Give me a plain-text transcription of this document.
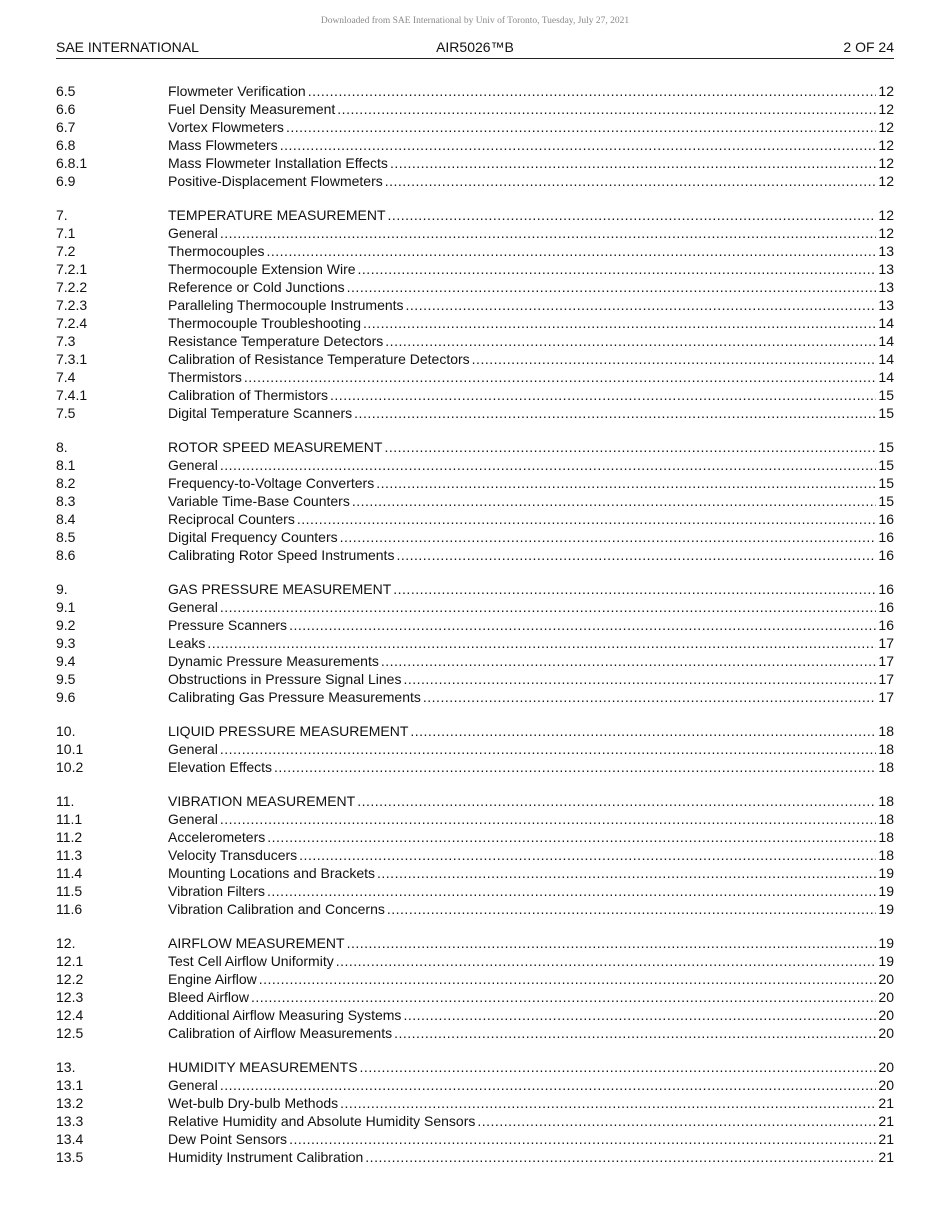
Downloaded from SAE International by Univ of Toronto, Tuesday, July 27, 2021
SAE INTERNATIONAL	AIR5026™B	2 OF 24
6.5	Flowmeter Verification .....	12
6.6	Fuel Density Measurement .....	12
6.7	Vortex Flowmeters .....	12
6.8	Mass Flowmeters .....	12
6.8.1	Mass Flowmeter Installation Effects .....	12
6.9	Positive-Displacement Flowmeters .....	12
7.	TEMPERATURE MEASUREMENT .....	12
7.1	General .....	12
7.2	Thermocouples .....	13
7.2.1	Thermocouple Extension Wire .....	13
7.2.2	Reference or Cold Junctions .....	13
7.2.3	Paralleling Thermocouple Instruments .....	13
7.2.4	Thermocouple Troubleshooting .....	14
7.3	Resistance Temperature Detectors .....	14
7.3.1	Calibration of Resistance Temperature Detectors .....	14
7.4	Thermistors .....	14
7.4.1	Calibration of Thermistors .....	15
7.5	Digital Temperature Scanners .....	15
8.	ROTOR SPEED MEASUREMENT .....	15
8.1	General .....	15
8.2	Frequency-to-Voltage Converters .....	15
8.3	Variable Time-Base Counters .....	15
8.4	Reciprocal Counters .....	16
8.5	Digital Frequency Counters .....	16
8.6	Calibrating Rotor Speed Instruments .....	16
9.	GAS PRESSURE MEASUREMENT .....	16
9.1	General .....	16
9.2	Pressure Scanners .....	16
9.3	Leaks .....	17
9.4	Dynamic Pressure Measurements .....	17
9.5	Obstructions in Pressure Signal Lines .....	17
9.6	Calibrating Gas Pressure Measurements .....	17
10.	LIQUID PRESSURE MEASUREMENT .....	18
10.1	General .....	18
10.2	Elevation Effects .....	18
11.	VIBRATION MEASUREMENT .....	18
11.1	General .....	18
11.2	Accelerometers .....	18
11.3	Velocity Transducers .....	18
11.4	Mounting Locations and Brackets .....	19
11.5	Vibration Filters .....	19
11.6	Vibration Calibration and Concerns .....	19
12.	AIRFLOW MEASUREMENT .....	19
12.1	Test Cell Airflow Uniformity .....	19
12.2	Engine Airflow .....	20
12.3	Bleed Airflow .....	20
12.4	Additional Airflow Measuring Systems .....	20
12.5	Calibration of Airflow Measurements .....	20
13.	HUMIDITY MEASUREMENTS .....	20
13.1	General .....	20
13.2	Wet-bulb Dry-bulb Methods .....	21
13.3	Relative Humidity and Absolute Humidity Sensors .....	21
13.4	Dew Point Sensors .....	21
13.5	Humidity Instrument Calibration .....	21
